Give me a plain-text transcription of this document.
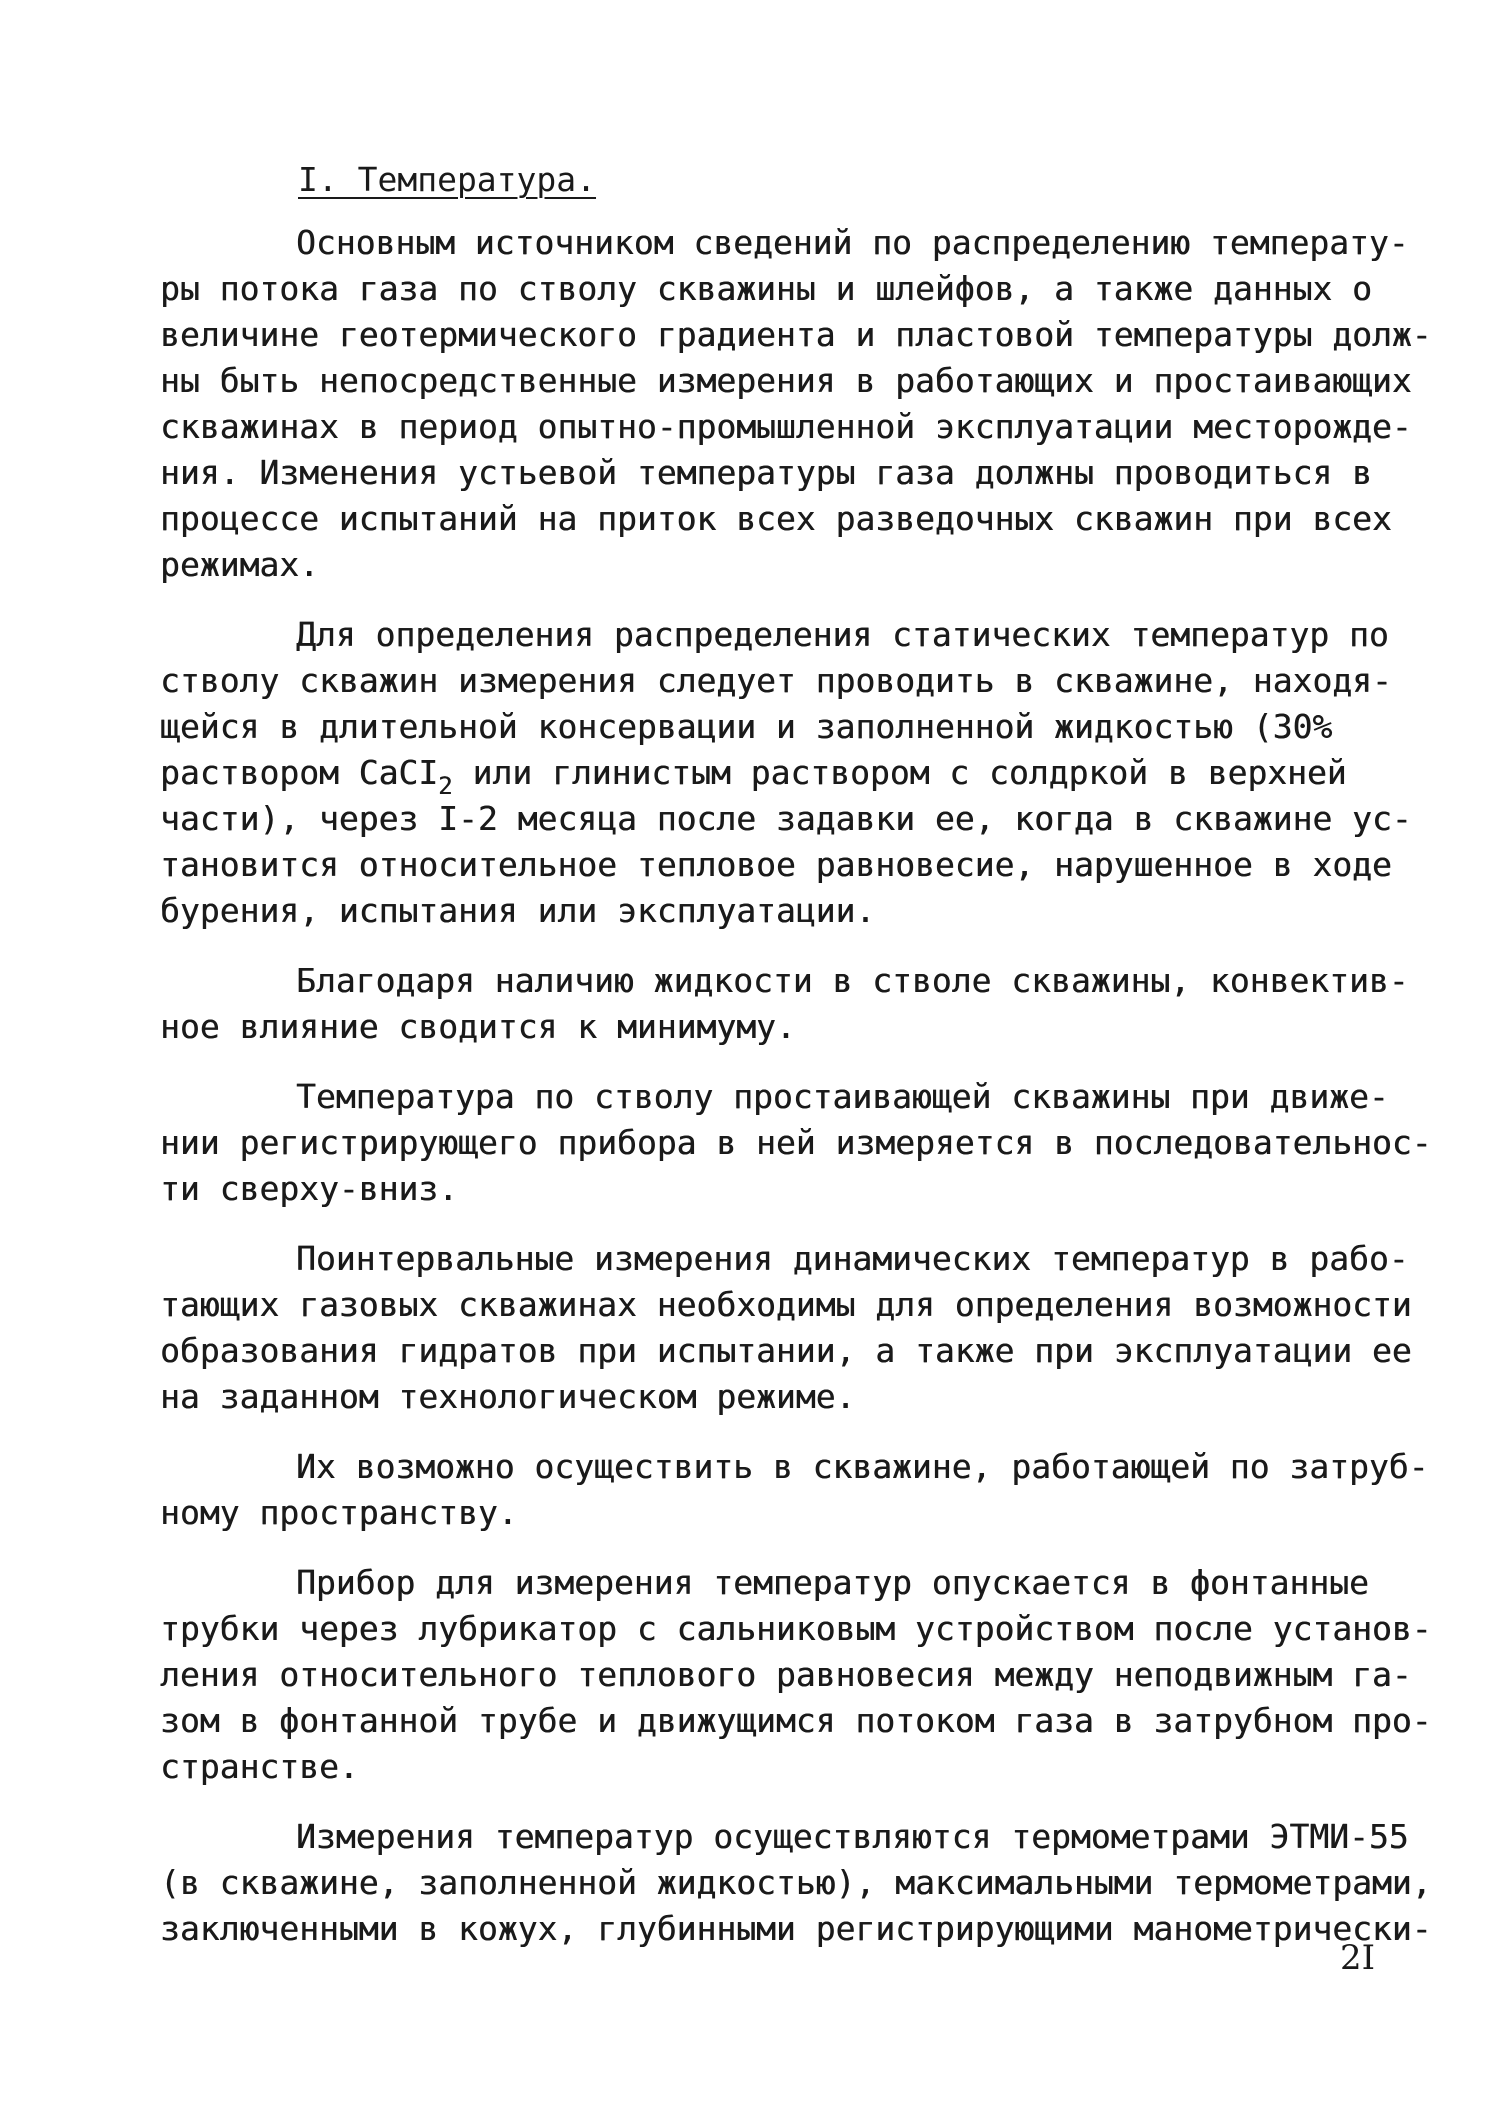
I. Температура.
Основным источником сведений по распределению температу-
ры потока газа по стволу скважины и шлейфов, а также данных о
величине геотермического градиента и пластовой температуры долж-
ны быть непосредственные измерения в работающих и простаивающих
скважинах в период опытно-промышленной эксплуатации месторожде-
ния. Изменения устьевой температуры газа должны проводиться в
процессе испытаний на приток всех разведочных скважин при всех
режимах.
Для определения распределения статических температур по
стволу скважин измерения следует проводить в скважине, находя-
щейся в длительной консервации и заполненной жидкостью (30%
раствором CaCI$_2$ или глинистым раствором с солдркой в верхней
части), через I-2 месяца после задавки ее, когда в скважине ус-
тановится относительное тепловое равновесие, нарушенное в ходе
бурения, испытания или эксплуатации.
Благодаря наличию жидкости в стволе скважины, конвектив-
ное влияние сводится к минимуму.
Температура по стволу простаивающей скважины при движе-
нии регистрирующего прибора в ней измеряется в последовательнос-
ти сверху-вниз.
Поинтервальные измерения динамических температур в рабо-
тающих газовых скважинах необходимы для определения возможности
образования гидратов при испытании, а также при эксплуатации ее
на заданном технологическом режиме.
Их возможно осуществить в скважине, работающей по затруб-
ному пространству.
Прибор для измерения температур опускается в фонтанные
трубки через лубрикатор с сальниковым устройством после установ-
ления относительного теплового равновесия между неподвижным га-
зом в фонтанной трубе и движущимся потоком газа в затрубном про-
странстве.
Измерения температур осуществляются термометрами ЭТМИ-55
(в скважине, заполненной жидкостью), максимальными термометрами,
заключенными в кожух, глубинными регистрирующими манометрически-
2I
